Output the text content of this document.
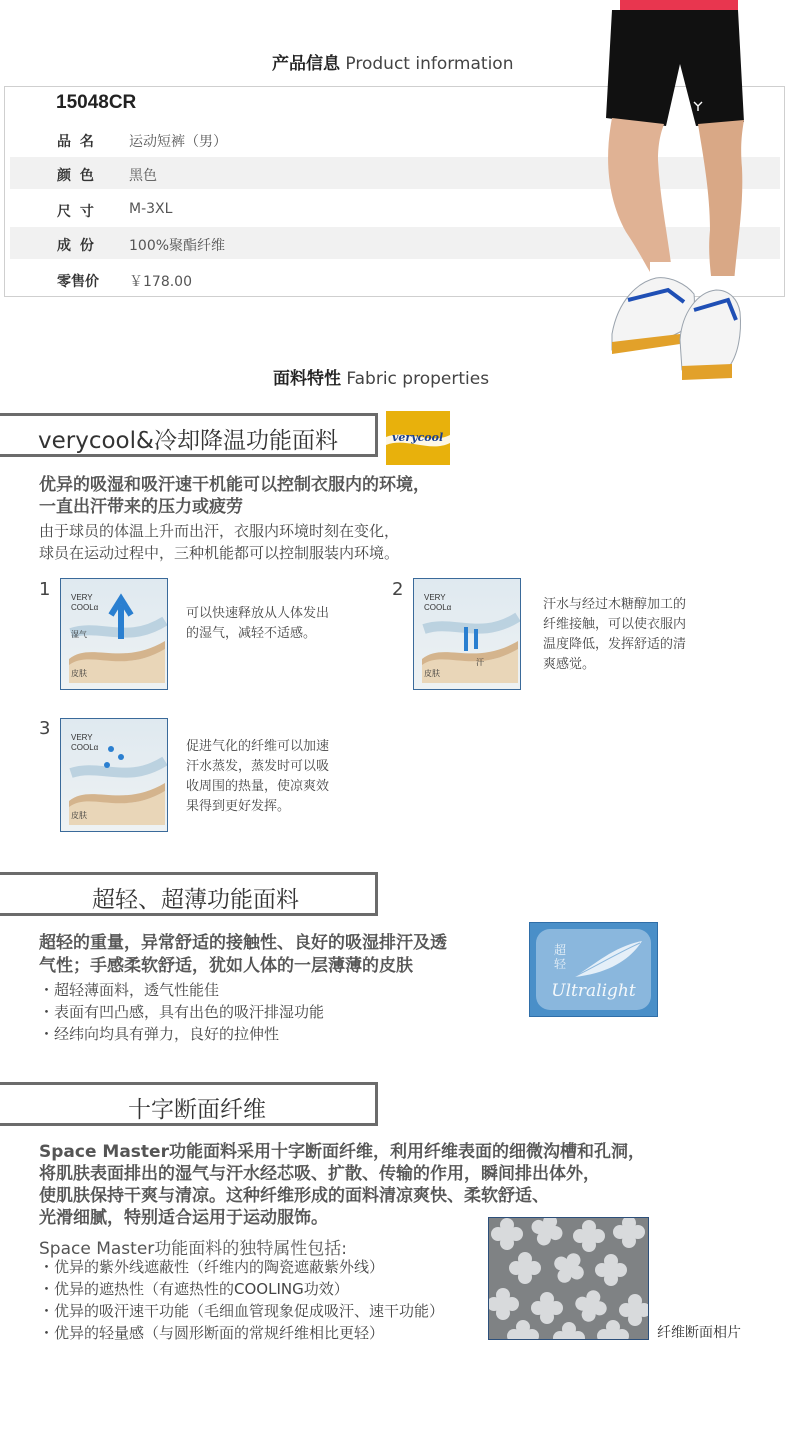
产品信息 Product information
15048CR
品 名 运动短裤（男）
颜 色 黑色
尺 寸 M-3XL
成 份 100%聚酯纤维
零售价 ￥178.00
面料特性 Fabric properties
verycool&冷却降温功能面料	verycool
优异的吸湿和吸汗速干机能可以控制衣服内的环境，
一直出汗带来的压力或疲劳
由于球员的体温上升而出汗，衣服内环境时刻在变化，
球员在运动过程中，三种机能都可以控制服装内环境。
1	VERY
COOLα
湿气
皮肤
可以快速释放从人体发出
的湿气，减轻不适感。
2	VERY
COOLα
汗
皮肤
汗水与经过木糖醇加工的
纤维接触，可以使衣服内
温度降低，发挥舒适的清
爽感觉。
3	VERY
COOLα
皮肤
促进气化的纤维可以加速
汗水蒸发，蒸发时可以吸
收周围的热量，使凉爽效
果得到更好发挥。
超轻、超薄功能面料
超轻的重量，异常舒适的接触性、良好的吸湿排汗及透
气性；手感柔软舒适，犹如人体的一层薄薄的皮肤
・超轻薄面料，透气性能佳
・表面有凹凸感，具有出色的吸汗排湿功能
・经纬向均具有弹力，良好的拉伸性
超
轻
Ultralight
十字断面纤维
Space Master功能面料采用十字断面纤维，利用纤维表面的细微沟槽和孔洞，
将肌肤表面排出的湿气与汗水经芯吸、扩散、传输的作用，瞬间排出体外，
使肌肤保持干爽与清凉。这种纤维形成的面料清凉爽快、柔软舒适、
光滑细腻，特别适合运用于运动服饰。
Space Master功能面料的独特属性包括:
・优异的紫外线遮蔽性（纤维内的陶瓷遮蔽紫外线）
・优异的遮热性（有遮热性的COOLING功效）
・优异的吸汗速干功能（毛细血管现象促成吸汗、速干功能）
・优异的轻量感（与圆形断面的常规纤维相比更轻）	纤维断面相片
